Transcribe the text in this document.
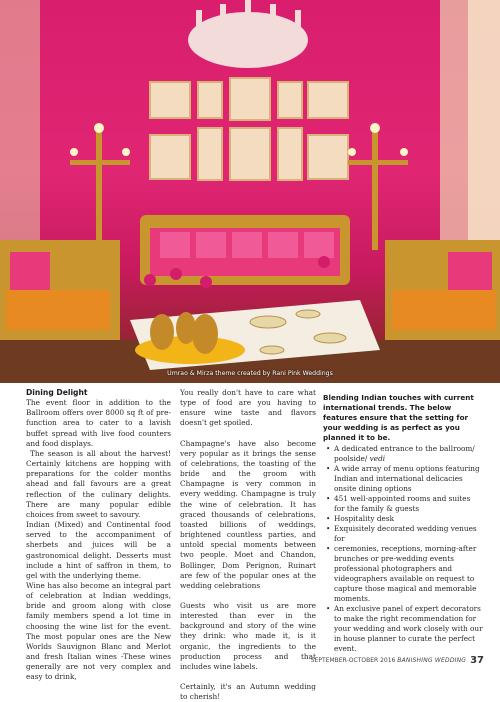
Umrao & Mirza theme created by Rani Pink Weddings

Dining Delight

The event floor in addition to the Ballroom offers over 8000 sq ft of pre-function area to cater to a lavish buffet spread with live food counters and food displays.

The season is all about the harvest! Certainly kitchens are hopping with preparations for the colder months ahead and fall favours are a great reflection of the culinary delights. There are many popular edible choices from sweet to savoury.

Indian (Mixed) and Continental food served to the accompaniment of sherbets and juices will be a gastronomical delight. Desserts must include a hint of saffron in them, to gel with the underlying theme.

Wine has also become an integral part of celebration at Indian weddings, bride and groom along with close family members spend a lot time in choosing the wine list for the event. The most popular ones are the New Worlds Sauvignon Blanc and Merlot and fresh Italian wines -These wines generally are not very complex and easy to drink,

You really don't have to care what type of food are you having to ensure wine taste and flavors doesn't get spoiled.

Champagne's have also become very popular as it brings the sense of celebrations, the toasting of the bride and the groom with Champagne is very common in every wedding. Champagne is truly the wine of celebration. It has graced thousands of celebrations, toasted billions of weddings, brightened countless parties, and untold special moments between two people. Moet and Chandon, Bollinger, Dom Perignon, Ruinart are few of the popular ones at the wedding celebrations

Guests who visit us are more interested than ever in the background and story of the wine they drink: who made it, is it organic, the ingredients to the production process and that includes wine labels.

Certainly, it's an Autumn wedding to cherish!

Blending Indian touches with current international trends. The below features ensure that the setting for your wedding is as perfect as you planned it to be.

• A dedicated entrance to the ballroom/ poolside/ vedi
• A wide array of menu options featuring Indian and international delicacies onsite dining options
• 451 well-appointed rooms and suites for the family & guests
• Hospitality desk
• Exquisitely decorated wedding venues for
• ceremonies, receptions, morning-after brunches or pre-wedding events professional photographers and videographers available on request to capture those magical and memorable moments.
• An exclusive panel of expert decorators to make the right recommendation for your wedding and work closely with our in house planner to curate the perfect event.
SEPTEMBER-OCTOBER 2016 BANISHING WEDDING 37
